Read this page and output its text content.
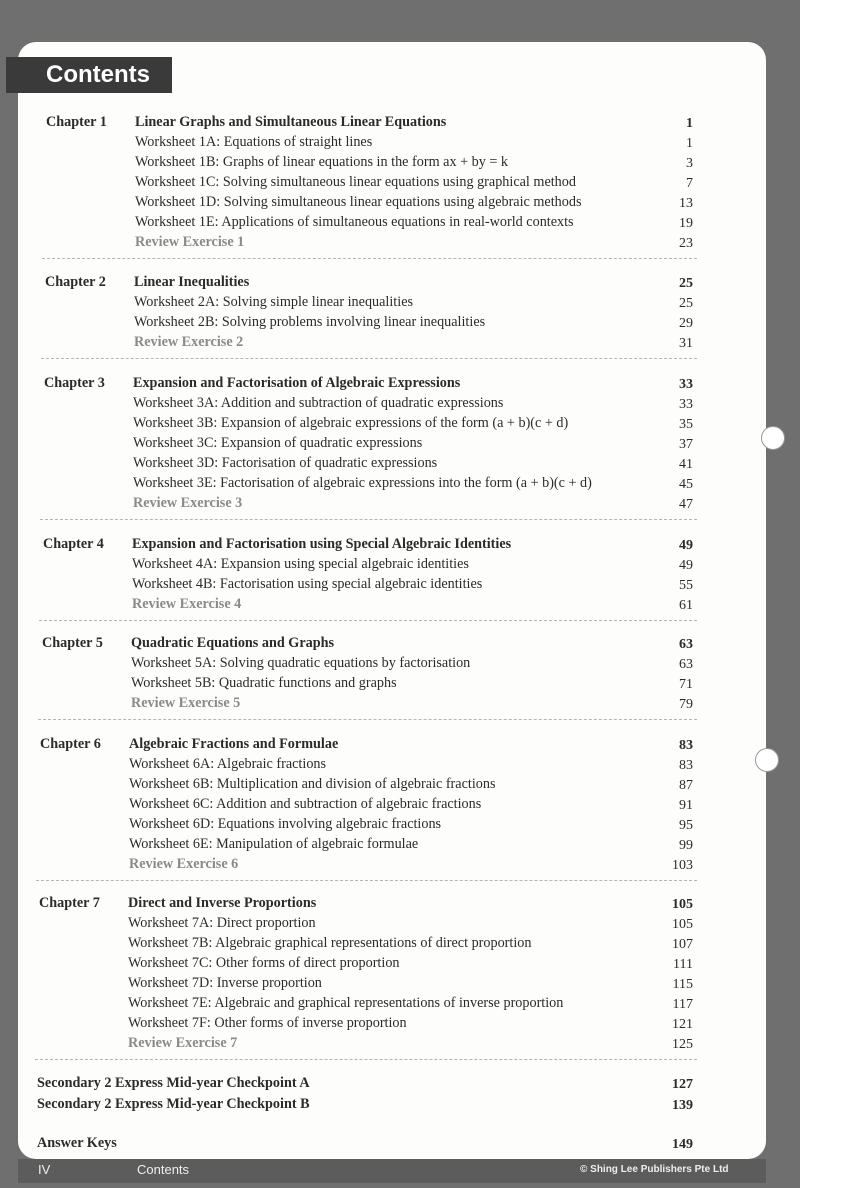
Contents
Chapter 1 Linear Graphs and Simultaneous Linear Equations	1
Worksheet 1A: Equations of straight lines	1
Worksheet 1B: Graphs of linear equations in the form ax + by = k	3
Worksheet 1C: Solving simultaneous linear equations using graphical method	7
Worksheet 1D: Solving simultaneous linear equations using algebraic methods	13
Worksheet 1E: Applications of simultaneous equations in real-world contexts	19
Review Exercise 1	23
Chapter 2 Linear Inequalities	25
Worksheet 2A: Solving simple linear inequalities	25
Worksheet 2B: Solving problems involving linear inequalities	29
Review Exercise 2	31
Chapter 3 Expansion and Factorisation of Algebraic Expressions	33
Worksheet 3A: Addition and subtraction of quadratic expressions	33
Worksheet 3B: Expansion of algebraic expressions of the form (a + b)(c + d)	35
Worksheet 3C: Expansion of quadratic expressions	37
Worksheet 3D: Factorisation of quadratic expressions	41
Worksheet 3E: Factorisation of algebraic expressions into the form (a + b)(c + d)	45
Review Exercise 3	47
Chapter 4 Expansion and Factorisation using Special Algebraic Identities	49
Worksheet 4A: Expansion using special algebraic identities	49
Worksheet 4B: Factorisation using special algebraic identities	55
Review Exercise 4	61
Chapter 5 Quadratic Equations and Graphs	63
Worksheet 5A: Solving quadratic equations by factorisation	63
Worksheet 5B: Quadratic functions and graphs	71
Review Exercise 5	79
Chapter 6 Algebraic Fractions and Formulae	83
Worksheet 6A: Algebraic fractions	83
Worksheet 6B: Multiplication and division of algebraic fractions	87
Worksheet 6C: Addition and subtraction of algebraic fractions	91
Worksheet 6D: Equations involving algebraic fractions	95
Worksheet 6E: Manipulation of algebraic formulae	99
Review Exercise 6	103
Chapter 7 Direct and Inverse Proportions	105
Worksheet 7A: Direct proportion	105
Worksheet 7B: Algebraic graphical representations of direct proportion	107
Worksheet 7C: Other forms of direct proportion	111
Worksheet 7D: Inverse proportion	115
Worksheet 7E: Algebraic and graphical representations of inverse proportion	117
Worksheet 7F: Other forms of inverse proportion	121
Review Exercise 7	125
Secondary 2 Express Mid-year Checkpoint A	127
Secondary 2 Express Mid-year Checkpoint B	139
Answer Keys	149
IV	Contents	© Shing Lee Publishers Pte Ltd
